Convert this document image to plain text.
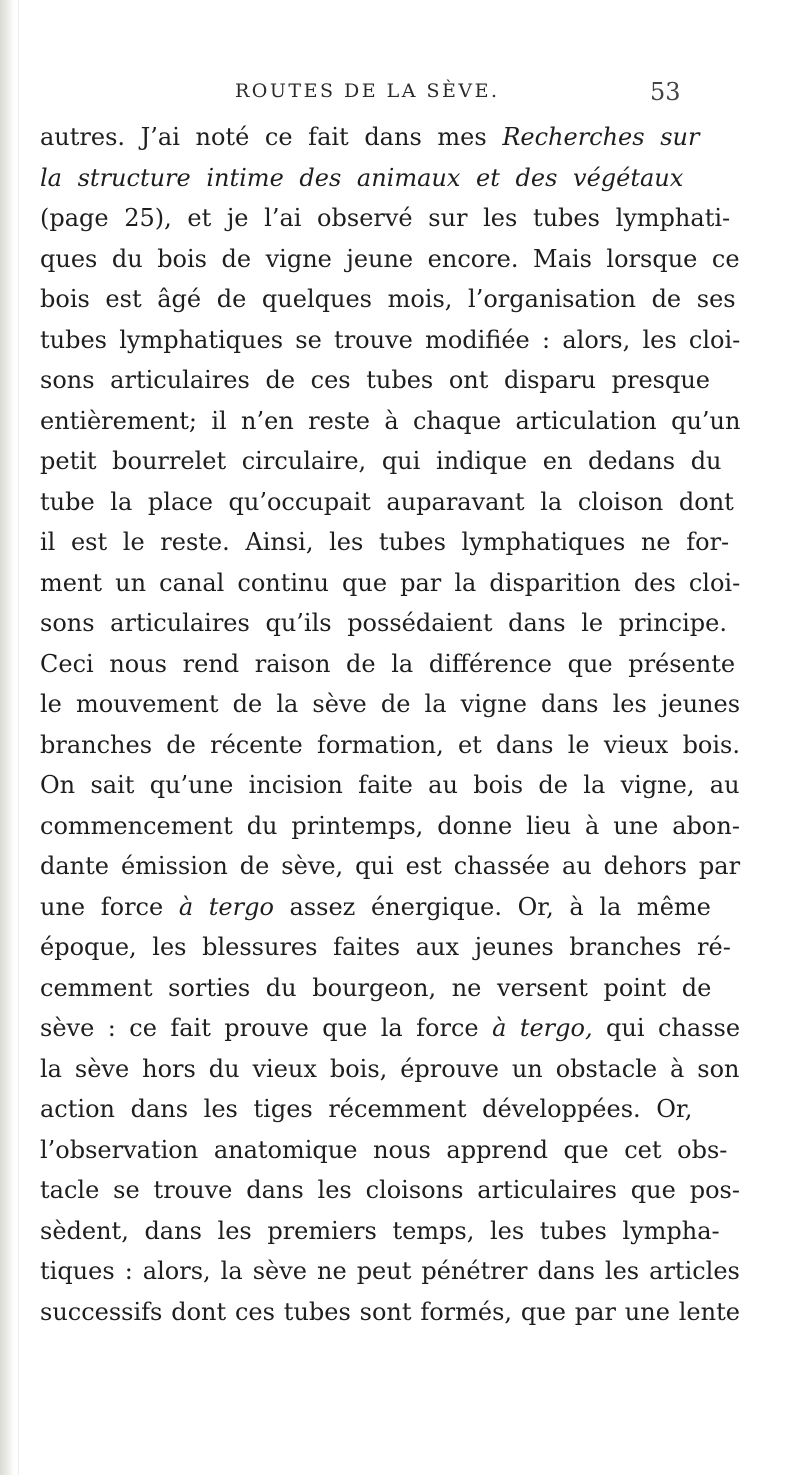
ROUTES DE LA SÈVE.	53
autres. J’ai noté ce fait dans mes Recherches sur
la structure intime des animaux et des végétaux
(page 25), et je l’ai observé sur les tubes lymphati-
ques du bois de vigne jeune encore. Mais lorsque ce
bois est âgé de quelques mois, l’organisation de ses
tubes lymphatiques se trouve modifiée : alors, les cloi-
sons articulaires de ces tubes ont disparu presque
entièrement; il n’en reste à chaque articulation qu’un
petit bourrelet circulaire, qui indique en dedans du
tube la place qu’occupait auparavant la cloison dont
il est le reste. Ainsi, les tubes lymphatiques ne for-
ment un canal continu que par la disparition des cloi-
sons articulaires qu’ils possédaient dans le principe.
Ceci nous rend raison de la différence que présente
le mouvement de la sève de la vigne dans les jeunes
branches de récente formation, et dans le vieux bois.
On sait qu’une incision faite au bois de la vigne, au
commencement du printemps, donne lieu à une abon-
dante émission de sève, qui est chassée au dehors par
une force à tergo assez énergique. Or, à la même
époque, les blessures faites aux jeunes branches ré-
cemment sorties du bourgeon, ne versent point de
sève : ce fait prouve que la force à tergo, qui chasse
la sève hors du vieux bois, éprouve un obstacle à son
action dans les tiges récemment développées. Or,
l’observation anatomique nous apprend que cet obs-
tacle se trouve dans les cloisons articulaires que pos-
sèdent, dans les premiers temps, les tubes lympha-
tiques : alors, la sève ne peut pénétrer dans les articles
successifs dont ces tubes sont formés, que par une lente
